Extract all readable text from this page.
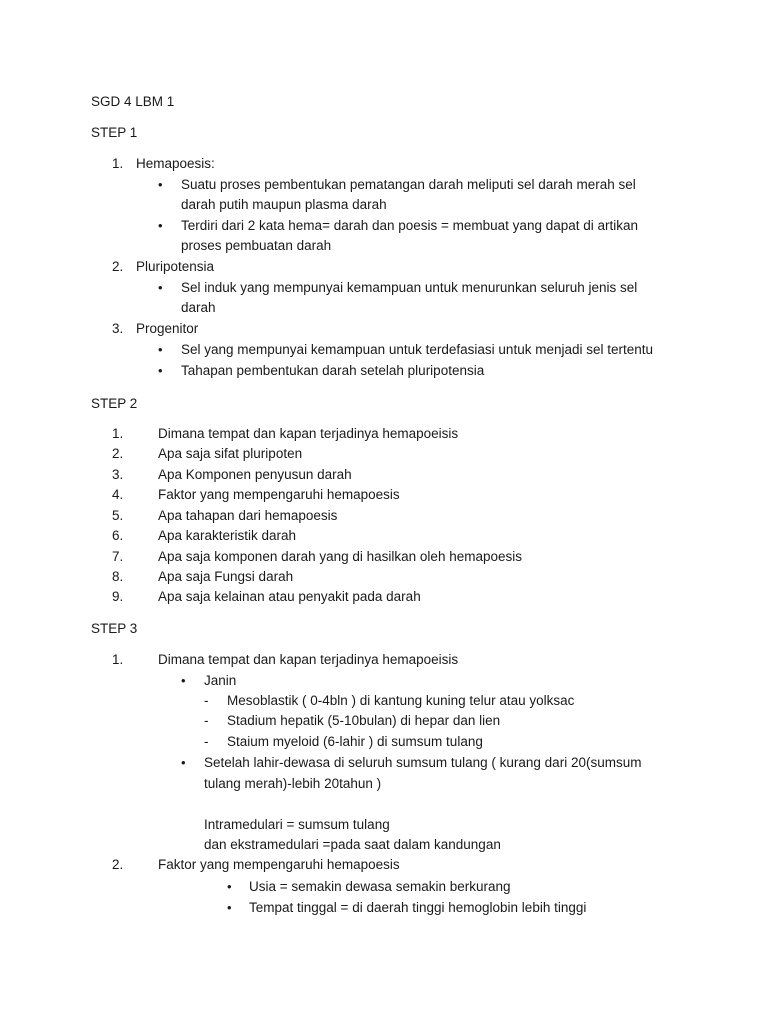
SGD 4 LBM 1
STEP 1
1. Hemapoesis:
• Suatu proses pembentukan pematangan darah meliputi sel darah merah sel
darah putih maupun plasma darah
• Terdiri dari 2 kata hema= darah dan poesis = membuat yang dapat di artikan
proses pembuatan darah
2. Pluripotensia
• Sel induk yang mempunyai kemampuan untuk menurunkan seluruh jenis sel
darah
3. Progenitor
• Sel yang mempunyai kemampuan untuk terdefasiasi untuk menjadi sel tertentu
• Tahapan pembentukan darah setelah pluripotensia
STEP 2
1.	Dimana tempat dan kapan terjadinya hemapoeisis
2.	Apa saja sifat pluripoten
3.	Apa Komponen penyusun darah
4.	Faktor yang mempengaruhi hemapoesis
5.	Apa tahapan dari hemapoesis
6.	Apa karakteristik darah
7.	Apa saja komponen darah yang di hasilkan oleh hemapoesis
8.	Apa saja Fungsi darah
9.	Apa saja kelainan atau penyakit pada darah
STEP 3
1.	Dimana tempat dan kapan terjadinya hemapoeisis
• Janin
- Mesoblastik ( 0-4bln ) di kantung kuning telur atau yolksac
- Stadium hepatik (5-10bulan) di hepar dan lien
- Staium myeloid (6-lahir ) di sumsum tulang
• Setelah lahir-dewasa di seluruh sumsum tulang ( kurang dari 20(sumsum
tulang merah)-lebih 20tahun )
Intramedulari = sumsum tulang
dan ekstramedulari =pada saat dalam kandungan
2.	Faktor yang mempengaruhi hemapoesis
• Usia = semakin dewasa semakin berkurang
• Tempat tinggal = di daerah tinggi hemoglobin lebih tinggi
